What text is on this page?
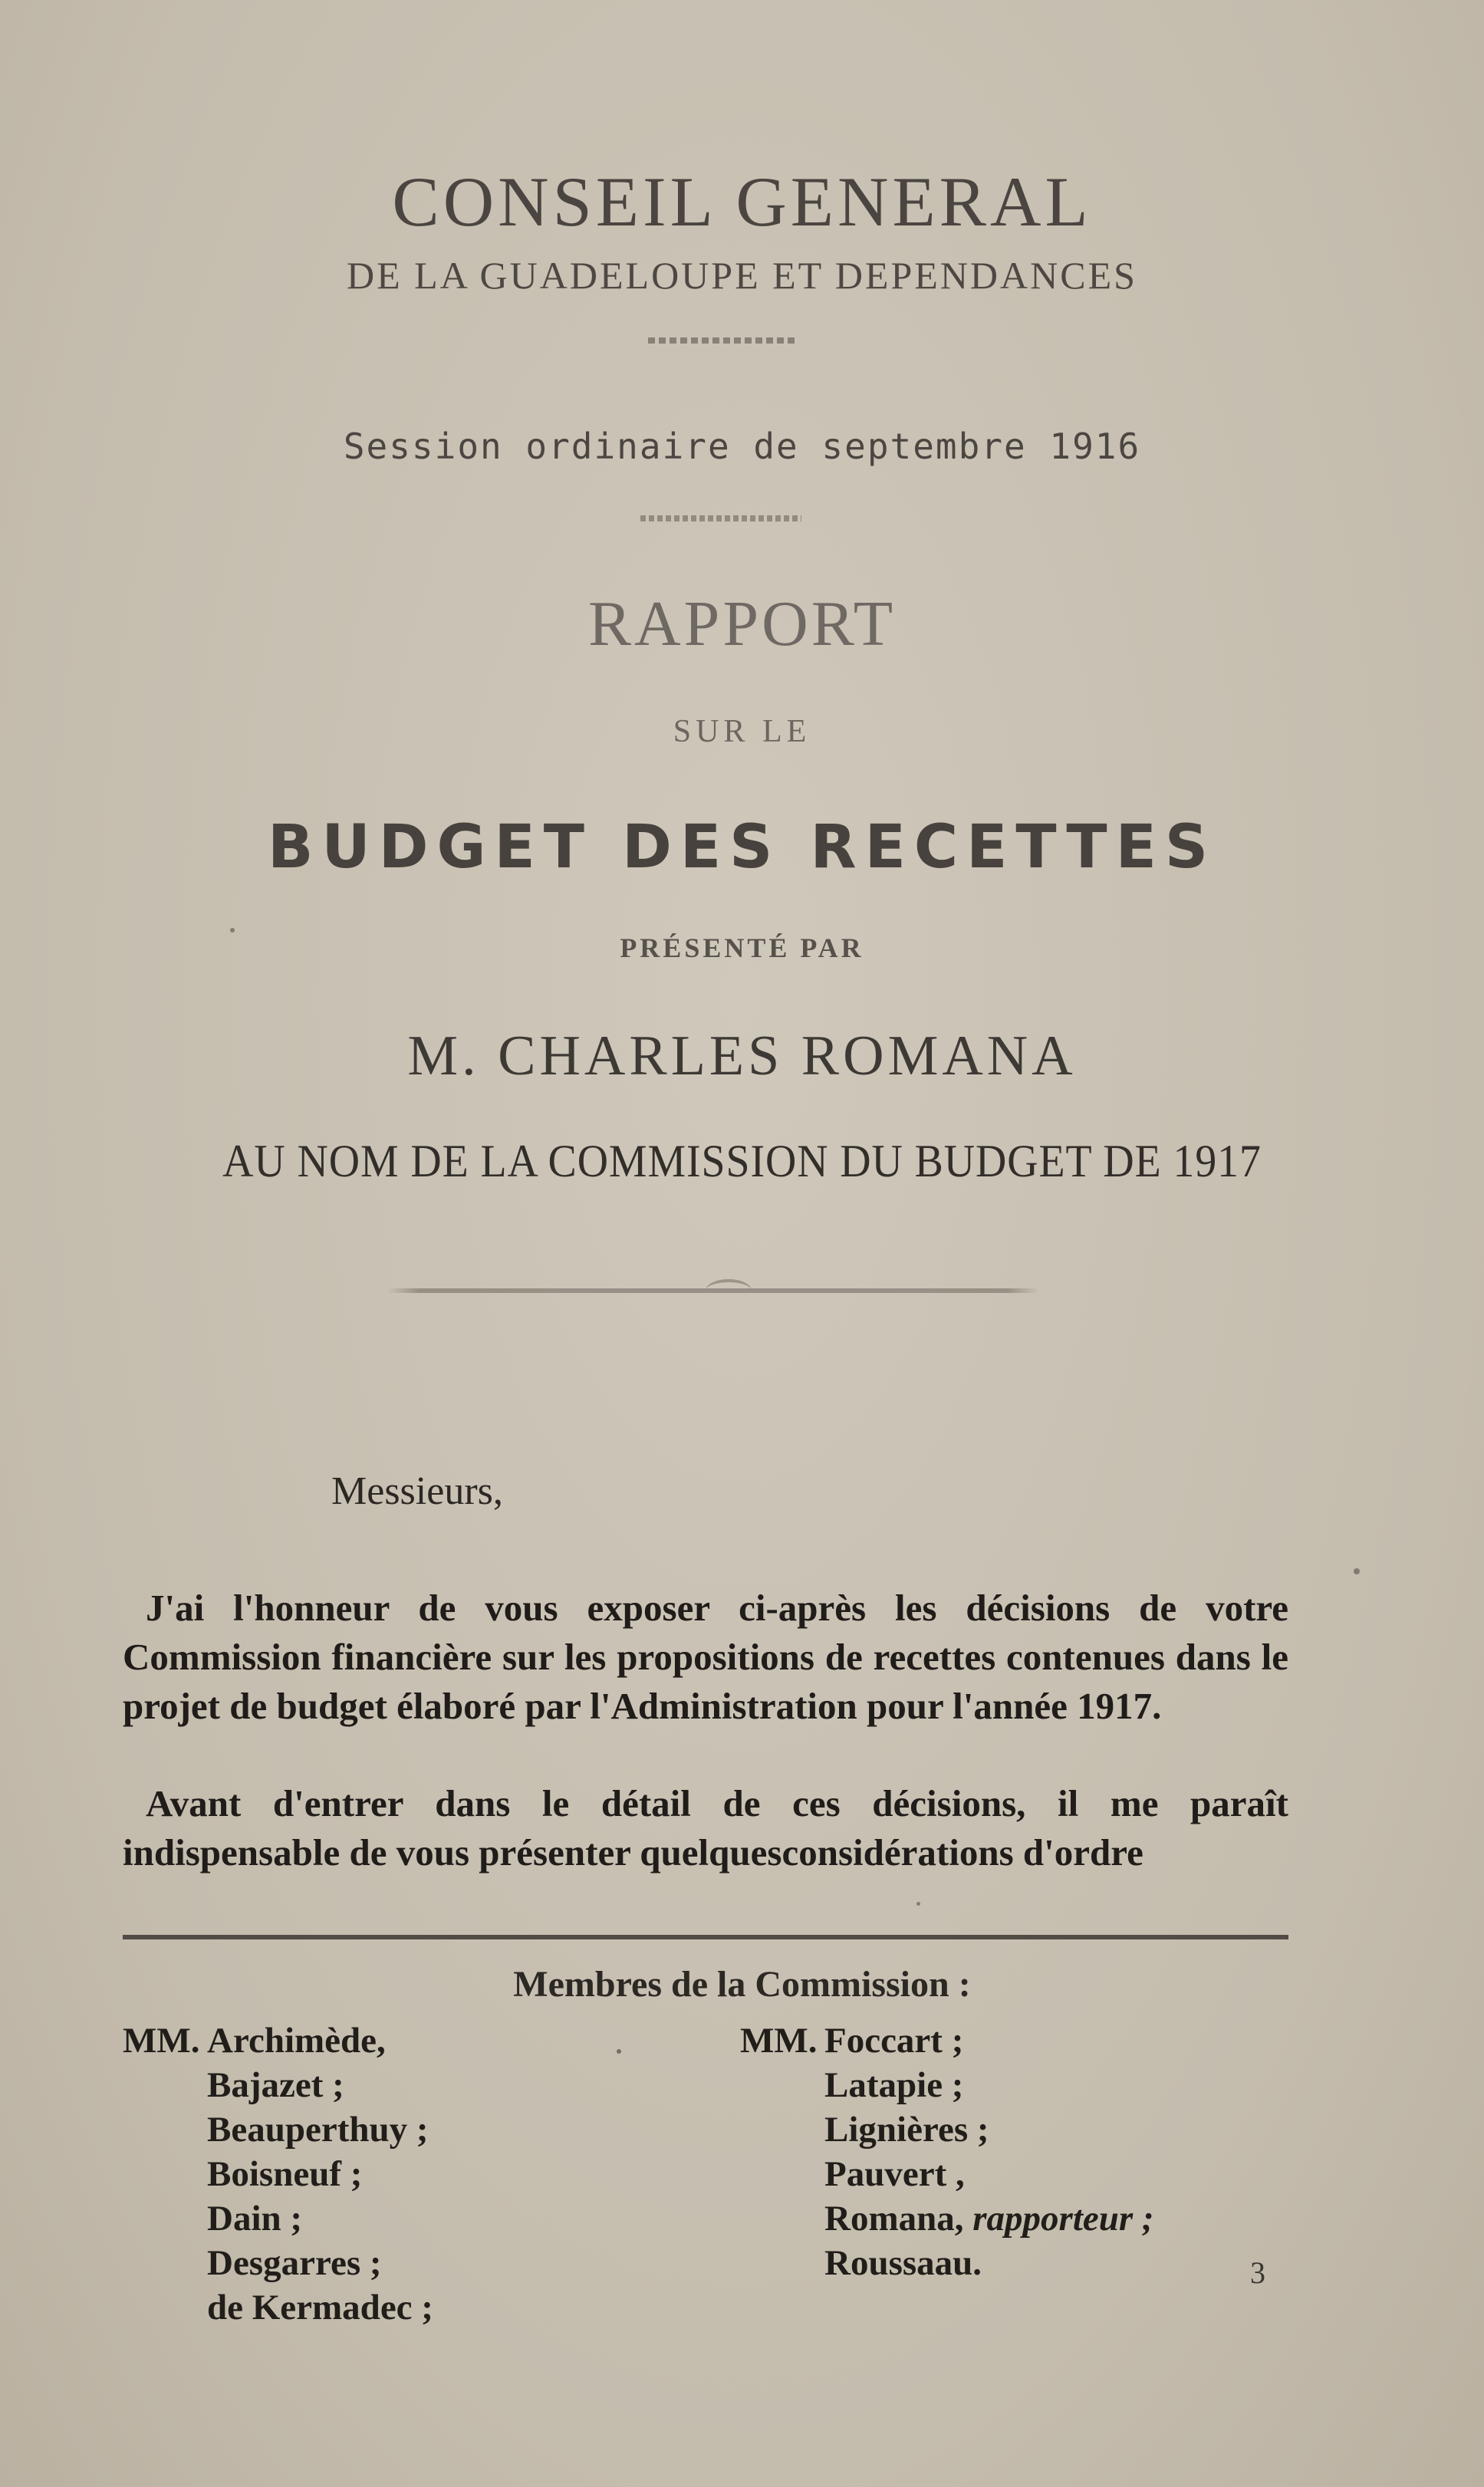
CONSEIL GENERAL
DE LA GUADELOUPE ET DEPENDANCES
Session ordinaire de septembre 1916
RAPPORT
SUR LE
BUDGET DES RECETTES
PRÉSENTÉ PAR
M. CHARLES ROMANA
AU NOM DE LA COMMISSION DU BUDGET DE 1917
Messieurs,

J'ai l'honneur de vous exposer ci-après les décisions de votre Commission financière sur les propositions de recettes contenues dans le projet de budget élaboré par l'Administration pour l'année 1917.

Avant d'entrer dans le détail de ces décisions, il me paraît indispensable de vous présenter quelquesconsidérations d'ordre

Membres de la Commission :
MM. Archimède,
Bajazet ;
Beauperthuy ;
Boisneuf ;
Dain ;
Desgarres ;
de Kermadec ;
MM. Foccart ;
Latapie ;
Lignières ;
Pauvert ,
Romana, rapporteur ;
Roussaau.	3
